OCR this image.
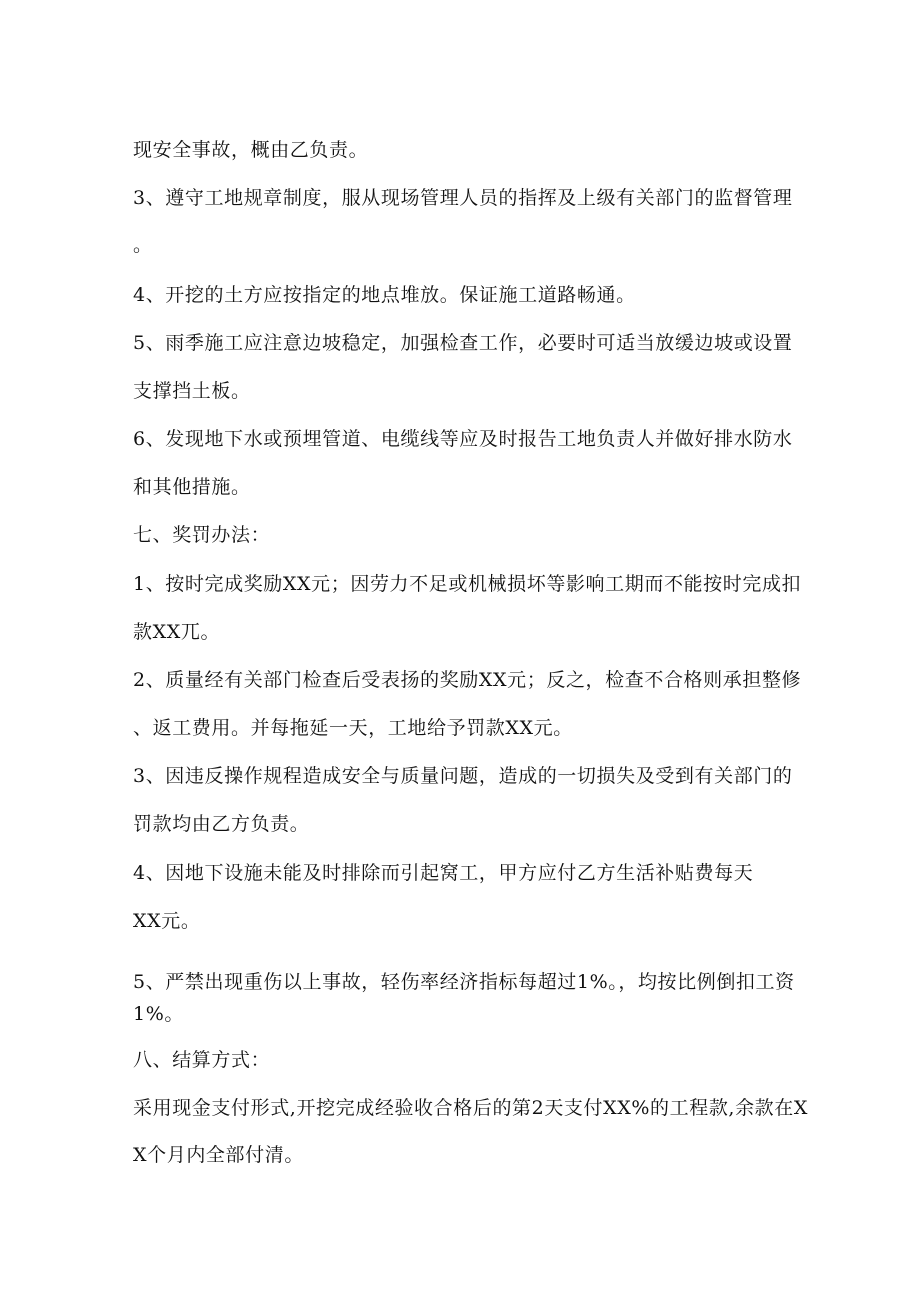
现安全事故，概由乙负责。
3、遵守工地规章制度，服从现场管理人员的指挥及上级有关部门的监督管理
。
4、开挖的土方应按指定的地点堆放。保证施工道路畅通。
5、雨季施工应注意边坡稳定，加强检查工作，必要时可适当放缓边坡或设置
支撑挡土板。
6、发现地下水或预埋管道、电缆线等应及时报告工地负责人并做好排水防水
和其他措施。
七、奖罚办法：
1、按时完成奖励XX元；因劳力不足或机械损坏等影响工期而不能按时完成扣
款XX兀。
2、质量经有关部门检查后受表扬的奖励XX元；反之，检查不合格则承担整修
、返工费用。并每拖延一天，工地给予罚款XX元。
3、因违反操作规程造成安全与质量问题，造成的一切损失及受到有关部门的
罚款均由乙方负责。
4、因地下设施未能及时排除而引起窝工，甲方应付乙方生活补贴费每天
XX元。
5、严禁出现重伤以上事故，轻伤率经济指标每超过1%。，均按比例倒扣工资
1%。
八、结算方式：
采用现金支付形式,开挖完成经验收合格后的第2天支付XX%的工程款,余款在X
X个月内全部付清。
